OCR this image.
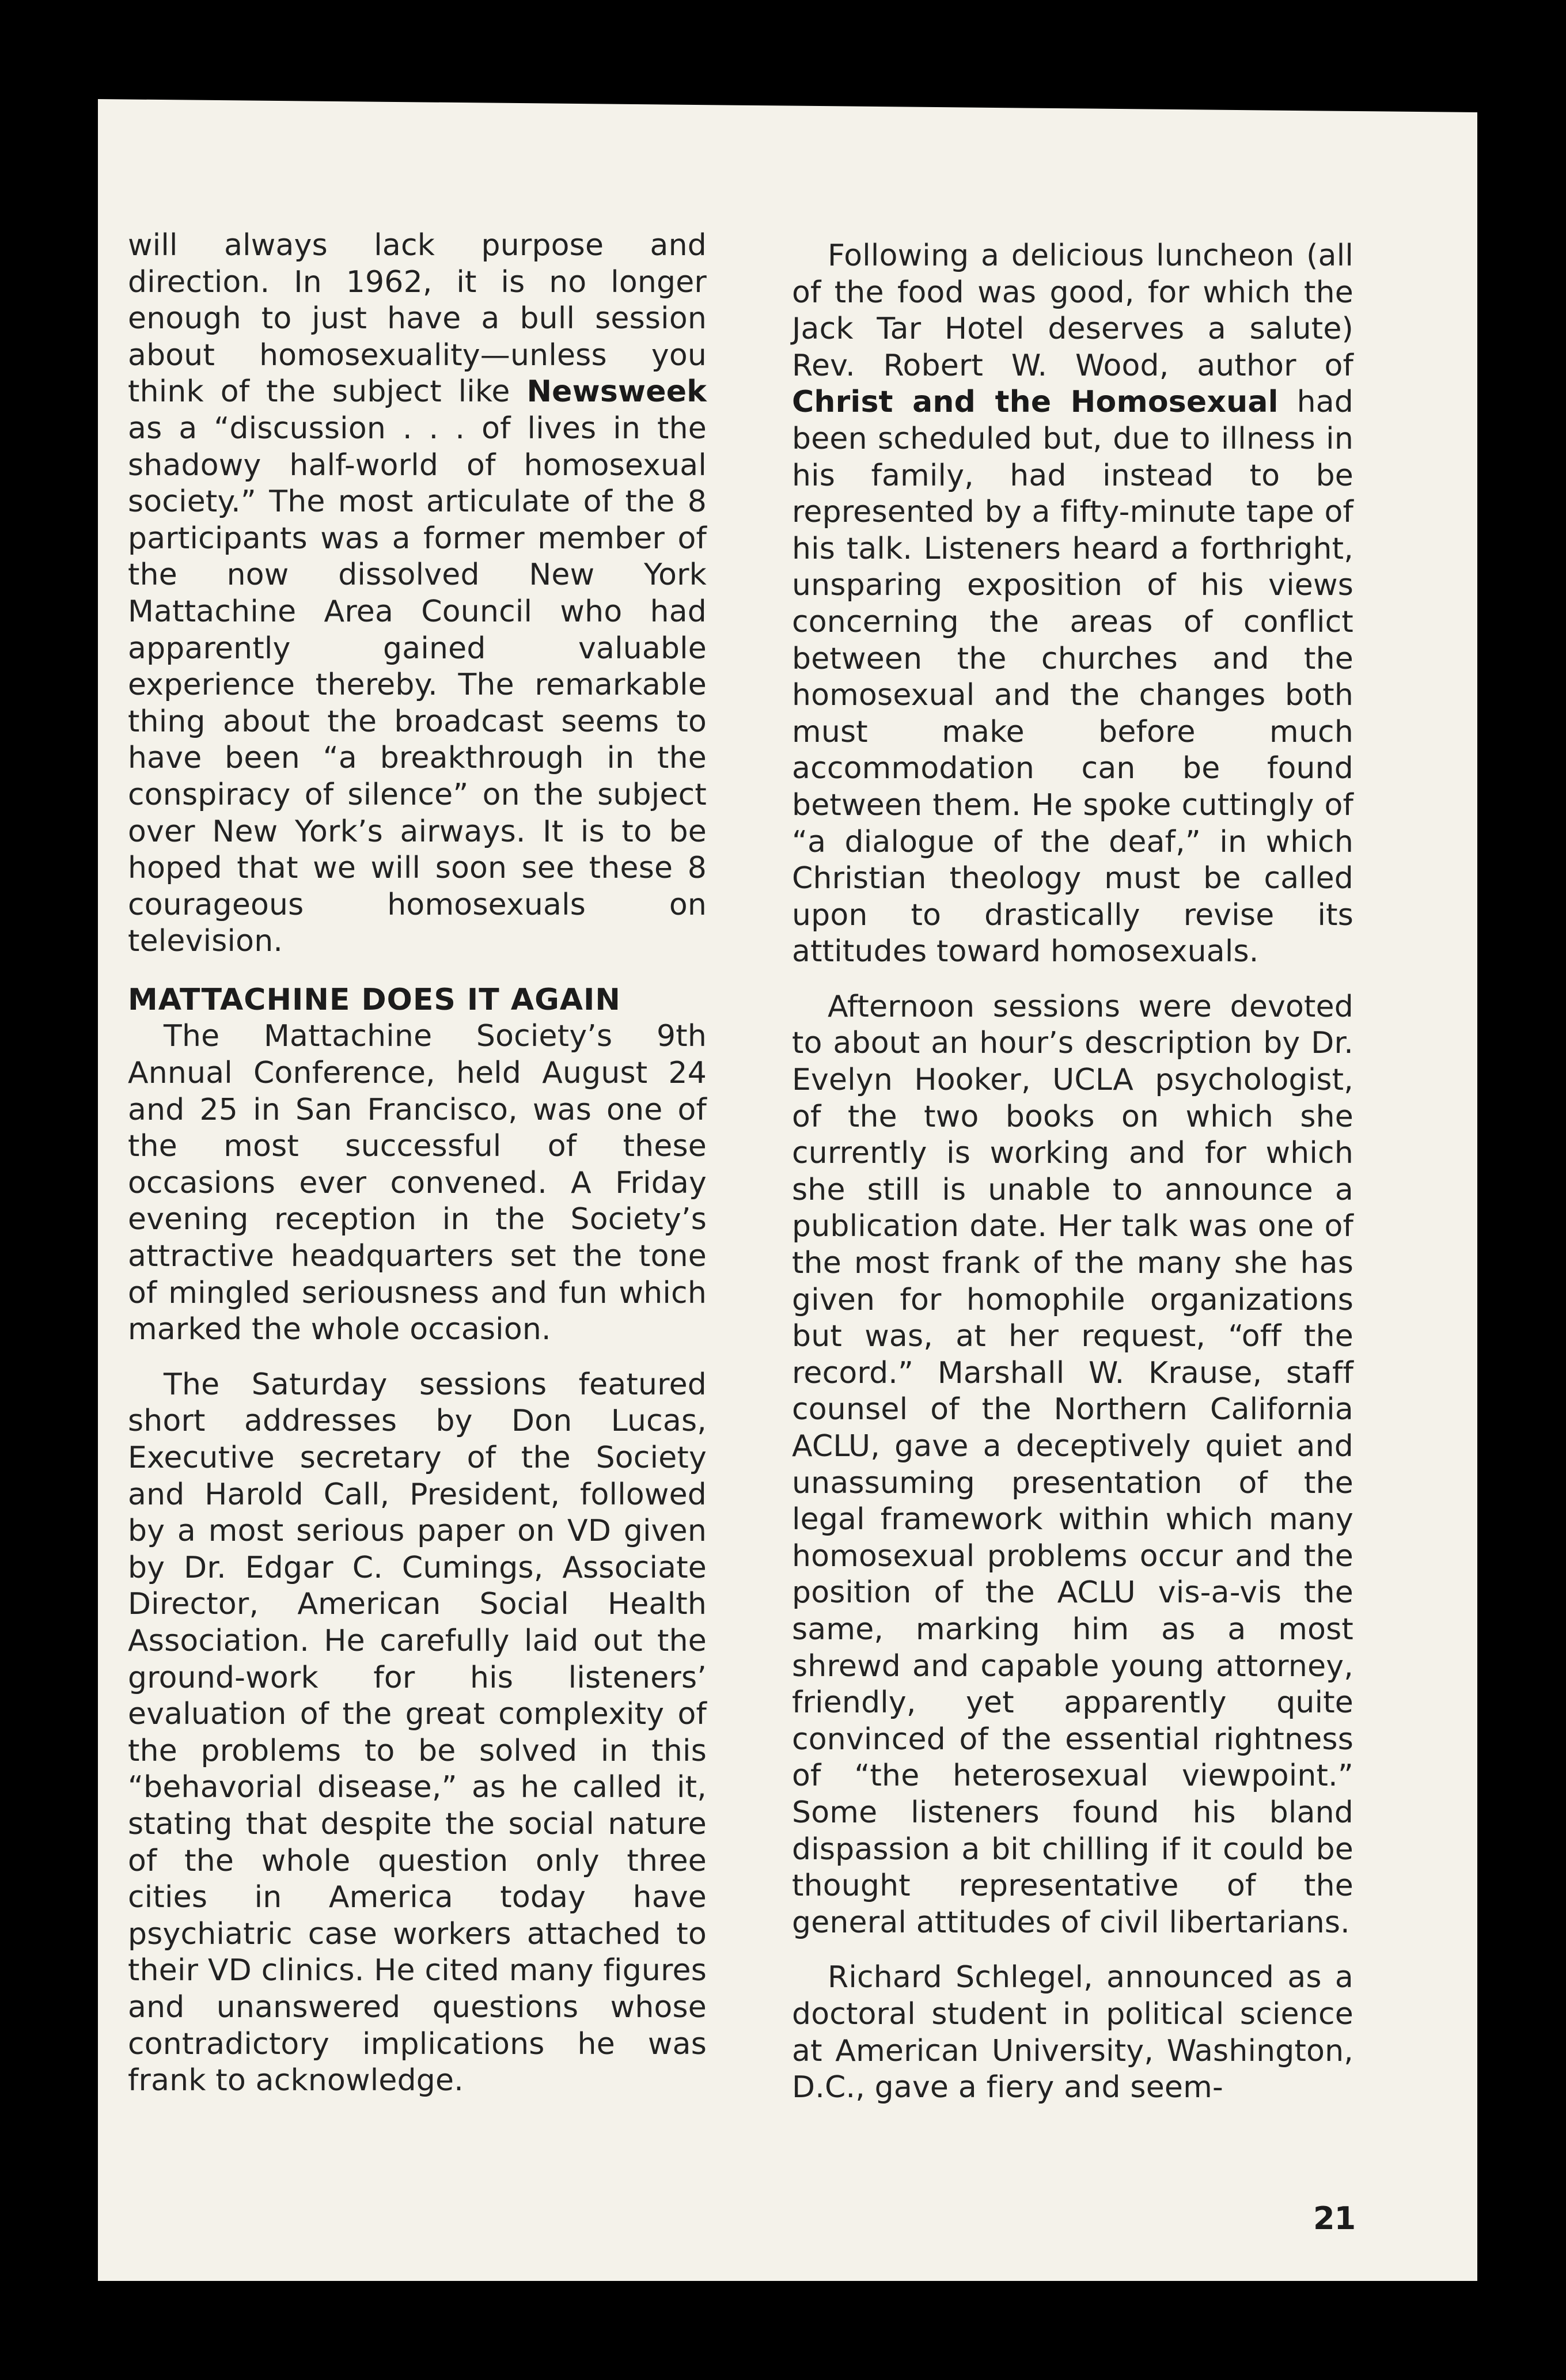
will always lack purpose and direction. In 1962, it is no longer enough to just have a bull session about homosexuality—unless you think of the subject like Newsweek as a “discussion . . . of lives in the shadowy half-world of homosexual society.” The most articulate of the 8 participants was a former member of the now dissolved New York Mattachine Area Council who had apparently gained valuable experience thereby. The remarkable thing about the broadcast seems to have been “a breakthrough in the conspiracy of silence” on the subject over New York’s airways. It is to be hoped that we will soon see these 8 courageous homosexuals on television.

MATTACHINE DOES IT AGAIN

The Mattachine Society’s 9th Annual Conference, held August 24 and 25 in San Francisco, was one of the most successful of these occasions ever convened. A Friday evening reception in the Society’s attractive headquarters set the tone of mingled seriousness and fun which marked the whole occasion.

The Saturday sessions featured short addresses by Don Lucas, Executive secretary of the Society and Harold Call, President, followed by a most serious paper on VD given by Dr. Edgar C. Cumings, Associate Director, American Social Health Association. He carefully laid out the ground-work for his listeners’ evaluation of the great complexity of the problems to be solved in this “behavorial disease,” as he called it, stating that despite the social nature of the whole question only three cities in America today have psychiatric case workers attached to their VD clinics. He cited many figures and unanswered questions whose contradictory implications he was frank to acknowledge.

Following a delicious luncheon (all of the food was good, for which the Jack Tar Hotel deserves a salute) Rev. Robert W. Wood, author of Christ and the Homosexual had been scheduled but, due to illness in his family, had instead to be represented by a fifty-minute tape of his talk. Listeners heard a forthright, unsparing exposition of his views concerning the areas of conflict between the churches and the homosexual and the changes both must make before much accommodation can be found between them. He spoke cuttingly of “a dialogue of the deaf,” in which Christian theology must be called upon to drastically revise its attitudes toward homosexuals.

Afternoon sessions were devoted to about an hour’s description by Dr. Evelyn Hooker, UCLA psychologist, of the two books on which she currently is working and for which she still is unable to announce a publication date. Her talk was one of the most frank of the many she has given for homophile organizations but was, at her request, “off the record.” Marshall W. Krause, staff counsel of the Northern California ACLU, gave a deceptively quiet and unassuming presentation of the legal framework within which many homosexual problems occur and the position of the ACLU vis-a-vis the same, marking him as a most shrewd and capable young attorney, friendly, yet apparently quite convinced of the essential rightness of “the heterosexual viewpoint.” Some listeners found his bland dispassion a bit chilling if it could be thought representative of the general attitudes of civil libertarians.

Richard Schlegel, announced as a doctoral student in political science at American University, Washington, D.C., gave a fiery and seem-

21
